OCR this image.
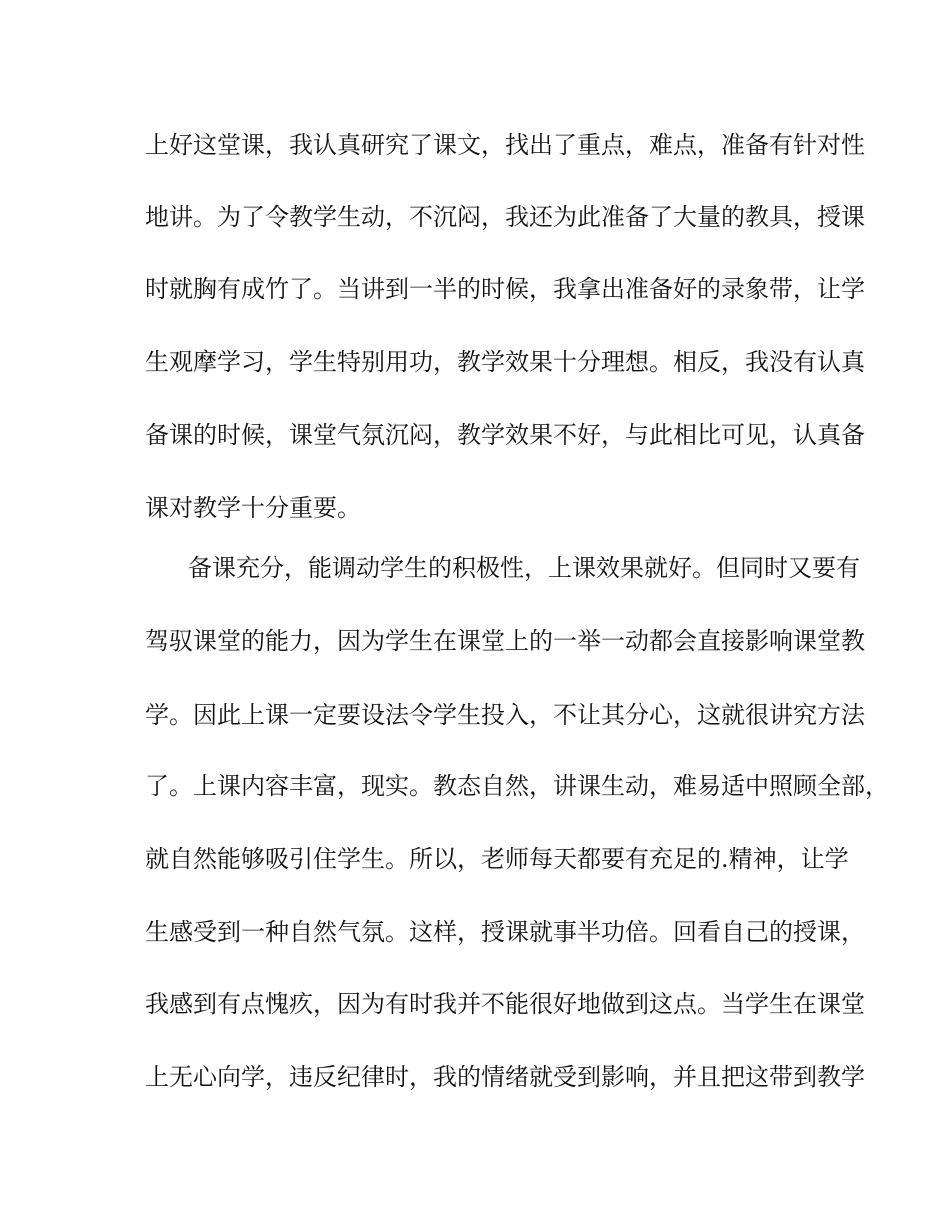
上好这堂课，我认真研究了课文，找出了重点，难点，准备有针对性
地讲。为了令教学生动，不沉闷，我还为此准备了大量的教具，授课
时就胸有成竹了。当讲到一半的时候，我拿出准备好的录象带，让学
生观摩学习，学生特别用功，教学效果十分理想。相反，我没有认真
备课的时候，课堂气氛沉闷，教学效果不好，与此相比可见，认真备
课对教学十分重要。
备课充分，能调动学生的积极性，上课效果就好。但同时又要有
驾驭课堂的能力，因为学生在课堂上的一举一动都会直接影响课堂教
学。因此上课一定要设法令学生投入，不让其分心，这就很讲究方法
了。上课内容丰富，现实。教态自然，讲课生动，难易适中照顾全部，
就自然能够吸引住学生。所以，老师每天都要有充足的.精神，让学
生感受到一种自然气氛。这样，授课就事半功倍。回看自己的授课，
我感到有点愧疚，因为有时我并不能很好地做到这点。当学生在课堂
上无心向学，违反纪律时，我的情绪就受到影响，并且把这带到教学
